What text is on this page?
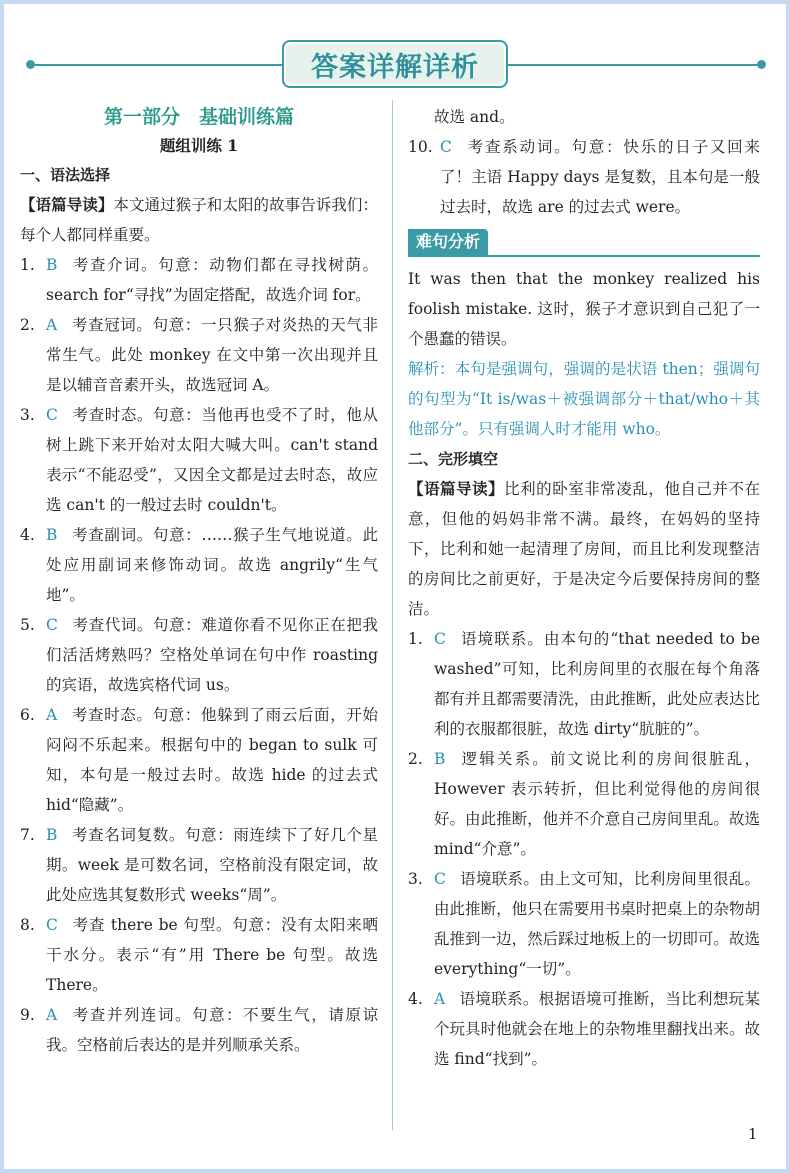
答案详解详析
第一部分　基础训练篇
题组训练 1
一、语法选择
【语篇导读】本文通过猴子和太阳的故事告诉我们：每个人都同样重要。
1. B 考查介词。句意：动物们都在寻找树荫。search for“寻找”为固定搭配，故选介词 for。
2. A 考查冠词。句意：一只猴子对炎热的天气非常生气。此处 monkey 在文中第一次出现并且是以辅音音素开头，故选冠词 A。
3. C 考查时态。句意：当他再也受不了时，他从树上跳下来开始对太阳大喊大叫。can't stand 表示“不能忍受”，又因全文都是过去时态，故应选 can't 的一般过去时 couldn't。
4. B 考查副词。句意：……猴子生气地说道。此处应用副词来修饰动词。故选 angrily“生气地”。
5. C 考查代词。句意：难道你看不见你正在把我们活活烤熟吗？空格处单词在句中作 roasting 的宾语，故选宾格代词 us。
6. A 考查时态。句意：他躲到了雨云后面，开始闷闷不乐起来。根据句中的 began to sulk 可知，本句是一般过去时。故选 hide 的过去式 hid“隐藏”。
7. B 考查名词复数。句意：雨连续下了好几个星期。week 是可数名词，空格前没有限定词，故此处应选其复数形式 weeks“周”。
8. C 考查 there be 句型。句意：没有太阳来晒干水分。表示“有”用 There be 句型。故选 There。
9. A 考查并列连词。句意：不要生气，请原谅我。空格前后表达的是并列顺承关系。
故选 and。
10. C 考查系动词。句意：快乐的日子又回来了！主语 Happy days 是复数，且本句是一般过去时，故选 are 的过去式 were。
难句分析
It was then that the monkey realized his foolish mistake. 这时，猴子才意识到自己犯了一个愚蠢的错误。
解析：本句是强调句，强调的是状语 then；强调句的句型为“It is/was＋被强调部分＋that/who＋其他部分”。只有强调人时才能用 who。
二、完形填空
【语篇导读】比利的卧室非常凌乱，他自己并不在意，但他的妈妈非常不满。最终，在妈妈的坚持下，比利和她一起清理了房间，而且比利发现整洁的房间比之前更好，于是决定今后要保持房间的整洁。
1. C 语境联系。由本句的“that needed to be washed”可知，比利房间里的衣服在每个角落都有并且都需要清洗，由此推断，此处应表达比利的衣服都很脏，故选 dirty“肮脏的”。
2. B 逻辑关系。前文说比利的房间很脏乱，However 表示转折，但比利觉得他的房间很好。由此推断，他并不介意自己房间里乱。故选 mind“介意”。
3. C 语境联系。由上文可知，比利房间里很乱。由此推断，他只在需要用书桌时把桌上的杂物胡乱推到一边，然后踩过地板上的一切即可。故选 everything“一切”。
4. A 语境联系。根据语境可推断，当比利想玩某个玩具时他就会在地上的杂物堆里翻找出来。故选 find“找到”。
1
